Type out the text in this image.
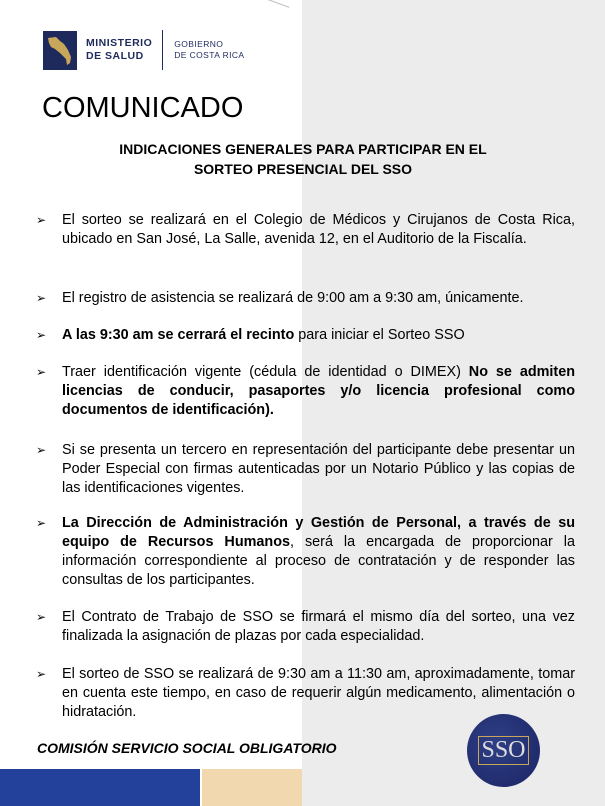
MINISTERIO
DE SALUD
GOBIERNO
DE COSTA RICA
COMUNICADO
INDICACIONES GENERALES PARA PARTICIPAR EN EL
SORTEO PRESENCIAL DEL SSO
➢ El sorteo se realizará en el Colegio de Médicos y Cirujanos de Costa Rica, ubicado en San José, La Salle, avenida 12, en el Auditorio de la Fiscalía.
➢ El registro de asistencia se realizará de 9:00 am a 9:30 am, únicamente.
➢ A las 9:30 am se cerrará el recinto para iniciar el Sorteo SSO
➢ Traer identificación vigente (cédula de identidad o DIMEX) No se admiten licencias de conducir, pasaportes y/o licencia profesional como documentos de identificación).
➢ Si se presenta un tercero en representación del participante debe presentar un Poder Especial con firmas autenticadas por un Notario Público y las copias de las identificaciones vigentes.
➢ La Dirección de Administración y Gestión de Personal, a través de su equipo de Recursos Humanos, será la encargada de proporcionar la información correspondiente al proceso de contratación y de responder las consultas de los participantes.
➢ El Contrato de Trabajo de SSO se firmará el mismo día del sorteo, una vez finalizada la asignación de plazas por cada especialidad.
➢ El sorteo de SSO se realizará de 9:30 am a 11:30 am, aproximadamente, tomar en cuenta este tiempo, en caso de requerir algún medicamento, alimentación o hidratación.
COMISIÓN SERVICIO SOCIAL OBLIGATORIO	SSO
